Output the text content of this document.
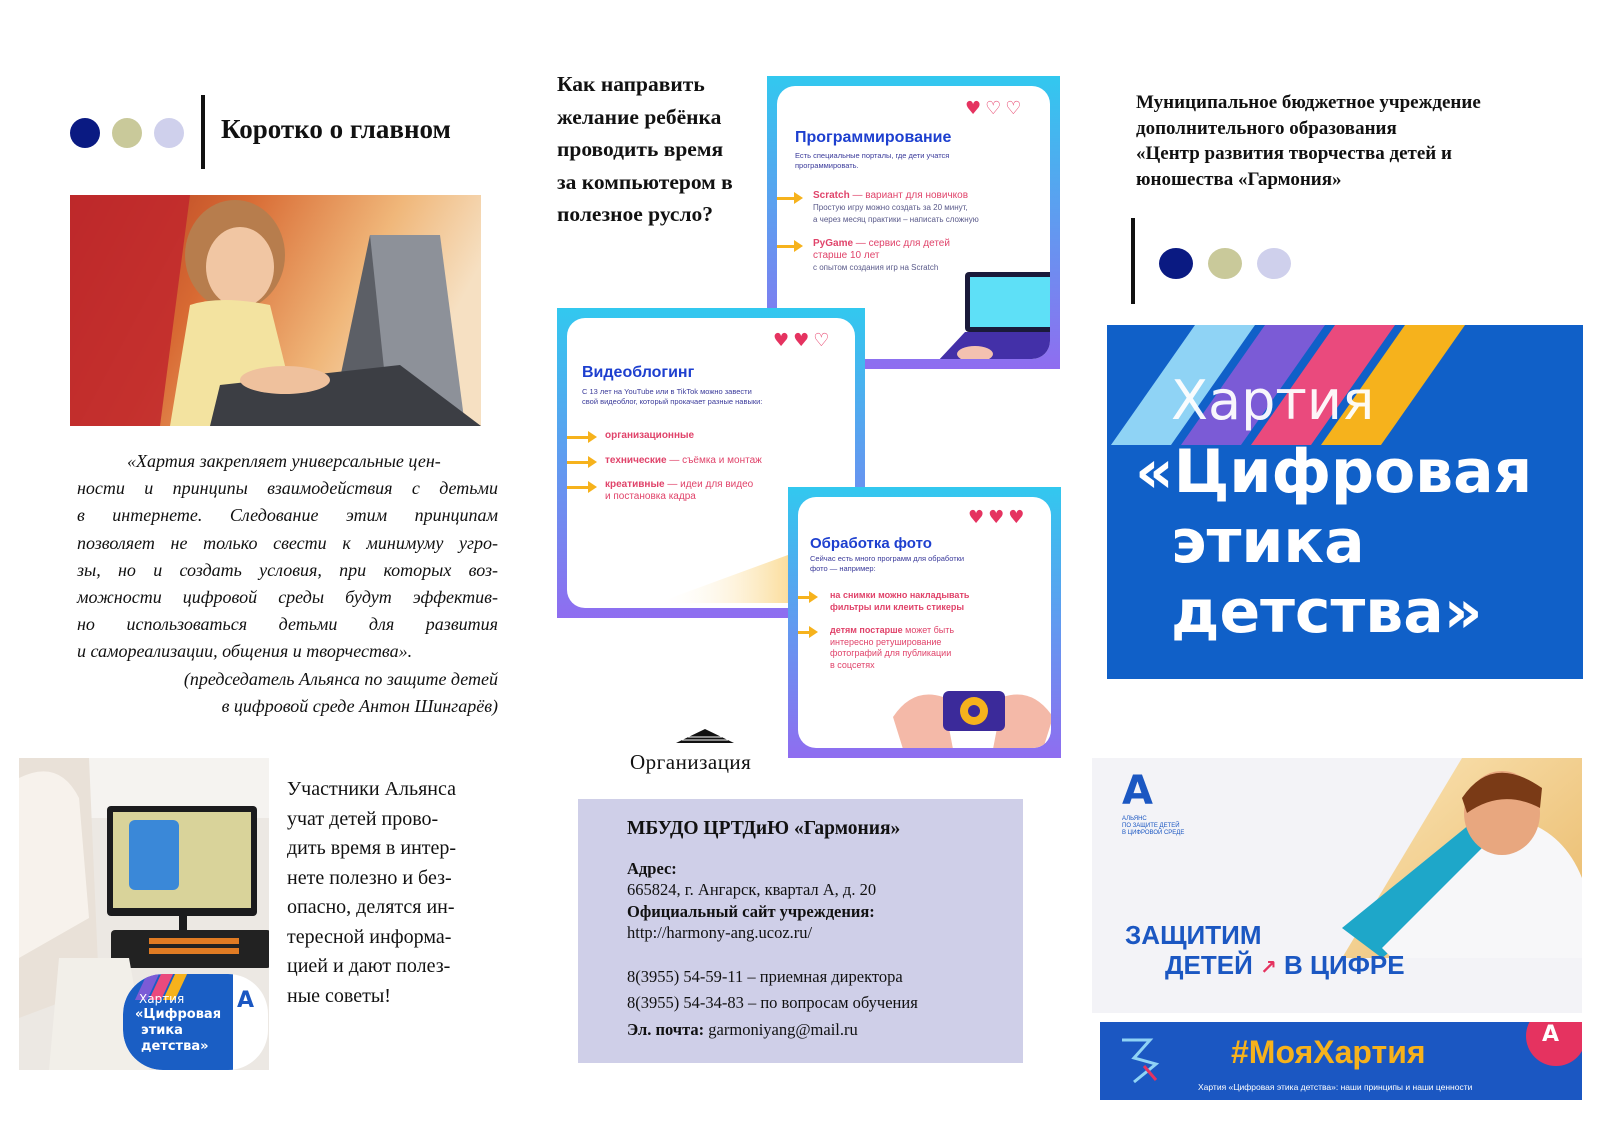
Коротко о главном
«Хартия закрепляет универсальные цен-
ности и принципы взаимодействия с детьми
в интернете. Следование этим принципам
позволяет не только свести к минимуму угро-
зы, но и создать условия, при которых воз-
можности цифровой среды будут эффектив-
но использоваться детьми для развития
и самореализации, общения и творчества».
(председатель Альянса по защите детей
в цифровой среде Антон Шингарёв)
Хартия
«Цифровая
этика
детства»
A
Участники Альянса
учат детей прово-
дить время в интер-
нете полезно и без-
опасно, делятся ин-
тересной информа-
цией и дают полез-
ные советы!
Как направить
желание ребёнка
проводить время
за компьютером в
полезное русло?
♥♡♡
Программирование
Есть специальные порталы, где дети учатся
программировать.
Scratch — вариант для новичков
Простую игру можно создать за 20 минут,
а через месяц практики – написать сложную
PyGame — сервис для детей
старше 10 лет
с опытом создания игр на Scratch
♥♥♡
Видеоблогинг
С 13 лет на YouTube или в TikTok можно завести
свой видеоблог, который прокачает разные навыки:
организационные
технические — съёмка и монтаж
креативные — идеи для видео
и постановка кадра
♥♥♥
Обработка фото
Сейчас есть много программ для обработки
фото — например:
на снимки можно накладывать
фильтры или клеить стикеры
детям постарше может быть
интересно ретуширование
фотографий для публикации
в соцсетях
Организация
МБУДО ЦРТДиЮ «Гармония»
Адрес:
665824, г. Ангарск, квартал А, д. 20
Официальный сайт учреждения:
http://harmony-ang.ucoz.ru/
8(3955) 54-59-11 – приемная директора
8(3955) 54-34-83 – по вопросам обучения
Эл. почта: garmoniyang@mail.ru
Муниципальное бюджетное учреждение
дополнительного образования
«Центр развития творчества детей и
юношества «Гармония»
Хартия
«Цифровая
этика
детства»
A
АЛЬЯНС
ПО ЗАЩИТЕ ДЕТЕЙ
В ЦИФРОВОЙ СРЕДЕ
ЗАЩИТИМ
ДЕТЕЙ ↗ В ЦИФРЕ
#МояХартия
Хартия «Цифровая этика детства»: наши принципы и наши ценности
A
